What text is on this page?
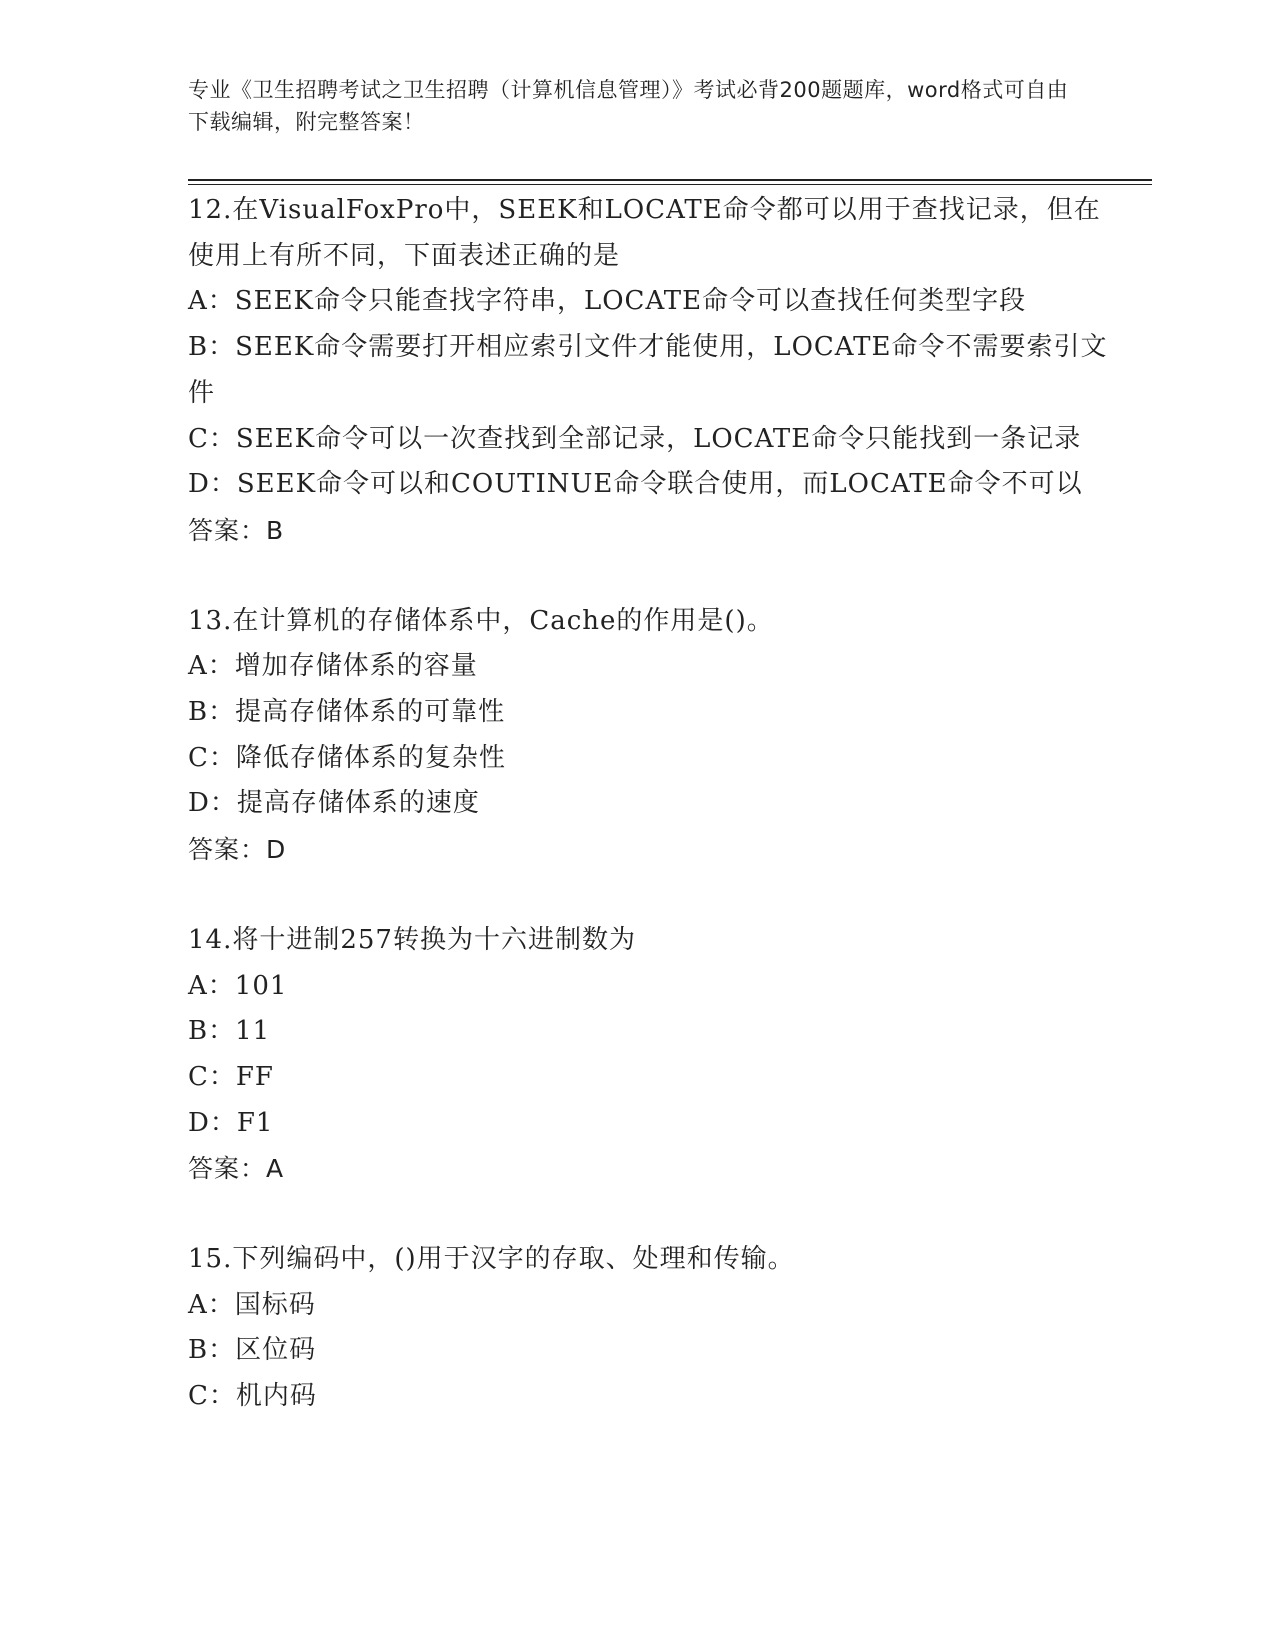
专业《卫生招聘考试之卫生招聘（计算机信息管理）》考试必背200题题库，word格式可自由下载编辑，附完整答案！
12.在VisualFoxPro中，SEEK和LOCATE命令都可以用于查找记录，但在使用上有所不同，下面表述正确的是
A：SEEK命令只能查找字符串，LOCATE命令可以查找任何类型字段
B：SEEK命令需要打开相应索引文件才能使用，LOCATE命令不需要索引文件
C：SEEK命令可以一次查找到全部记录，LOCATE命令只能找到一条记录
D：SEEK命令可以和COUTINUE命令联合使用，而LOCATE命令不可以
答案：B
13.在计算机的存储体系中，Cache的作用是()。
A：增加存储体系的容量
B：提高存储体系的可靠性
C：降低存储体系的复杂性
D：提高存储体系的速度
答案：D
14.将十进制257转换为十六进制数为
A：101
B：11
C：FF
D：F1
答案：A
15.下列编码中，()用于汉字的存取、处理和传输。
A：国标码
B：区位码
C：机内码
